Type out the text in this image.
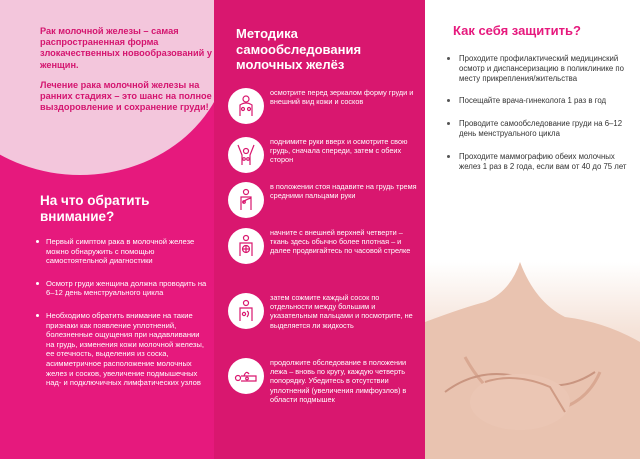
Рак молочной железы – самая распространенная форма злокачественных новообразований у женщин.

Лечение рака молочной железы на ранних стадиях – это шанс на полное выздоровление и сохранение груди!

На что обратить внимание?
Первый симптом рака в молочной железе можно обнаружить с помощью самостоятельной диагностики
Осмотр груди женщина должна проводить на 6–12 день менструального цикла
Необходимо обратить внимание на такие признаки как появление уплотнений, болезненные ощущения при надавливании на грудь, изменения кожи молочной железы, ее отечность, выделения из соска, асимметричное расположение молочных желез и сосков, увеличение подмышечных над- и подключичных лимфатических узлов
Методика самообследования молочных желёз
осмотрите перед зеркалом форму груди и внешний вид кожи и сосков
поднимите руки вверх и осмотрите свою грудь, сначала спереди, затем с обеих сторон
в положении стоя надавите на грудь тремя средними пальцами руки
начните с внешней верхней четверти – ткань здесь обычно более плотная – и далее продвигайтесь по часовой стрелке
затем сожмите каждый сосок по отдельности между большим и указательным пальцами и посмотрите, не выделяется ли жидкость
продолжите обследование в положении лежа – вновь по кругу, каждую четверть попорядку. Убедитесь в отсутствии уплотнений (увеличения лимфоузлов) в области подмышек
Как себя защитить?
Проходите профилактический медицинский осмотр и диспансеризацию в поликлинике по месту прикрепления/жительства
Посещайте врача-гинеколога 1 раз в год
Проводите самообследование груди на 6–12 день менструального цикла
Проходите маммографию обеих молочных желез 1 раз в 2 года, если вам от 40 до 75 лет
